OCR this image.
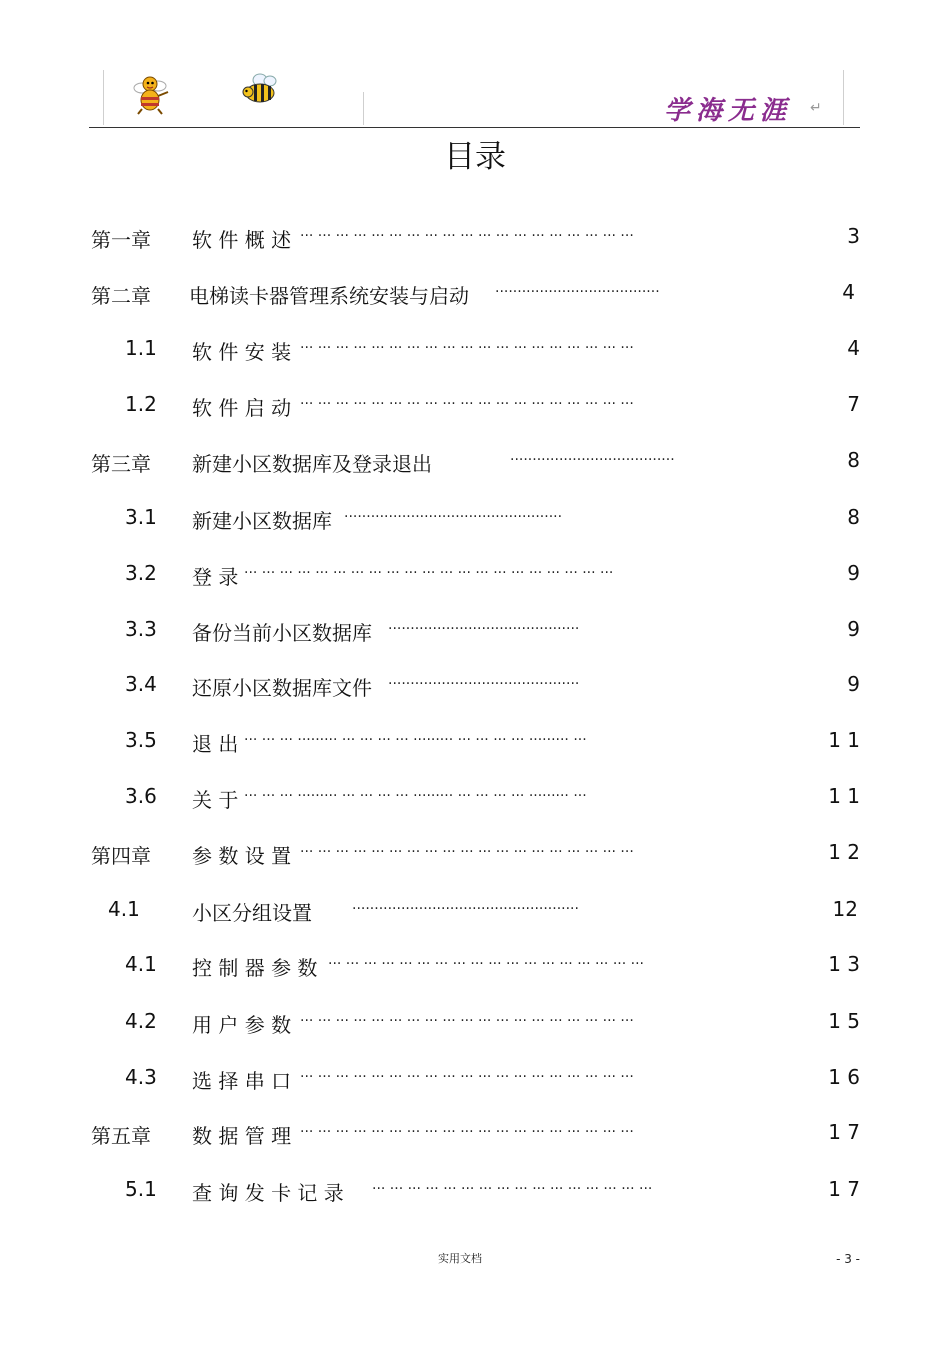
学海无涯 ↵
目录
第一章 软 件 概 述 ··· ··· ··· ··· ··· ··· ··· ··· ··· ··· ··· ··· ··· ··· ··· ··· ··· ··· ···	3
第二章 电梯读卡器管理系统安装与启动 ·····································	4
1.1 软 件 安 装 ··· ··· ··· ··· ··· ··· ··· ··· ··· ··· ··· ··· ··· ··· ··· ··· ··· ··· ···	4
1.2 软 件 启 动 ··· ··· ··· ··· ··· ··· ··· ··· ··· ··· ··· ··· ··· ··· ··· ··· ··· ··· ···	7
第三章 新建小区数据库及登录退出	·····································	8
3.1 新建小区数据库 ·················································	8
3.2 登 录 ··· ··· ··· ··· ··· ··· ··· ··· ··· ··· ··· ··· ··· ··· ··· ··· ··· ··· ··· ··· ···	9
3.3 备份当前小区数据库 ···········································	9
3.4 还原小区数据库文件 ···········································	9
3.5 退 出 ··· ··· ··· ········· ··· ··· ··· ··· ········· ··· ··· ··· ··· ········· ···	1 1
3.6 关 于 ··· ··· ··· ········· ··· ··· ··· ··· ········· ··· ··· ··· ··· ········· ···	1 1
第四章 参 数 设 置 ··· ··· ··· ··· ··· ··· ··· ··· ··· ··· ··· ··· ··· ··· ··· ··· ··· ··· ···	1 2
4.1	小区分组设置	···················································	12
4.1 控 制 器 参 数 ··· ··· ··· ··· ··· ··· ··· ··· ··· ··· ··· ··· ··· ··· ··· ··· ··· ···	1 3
4.2 用 户 参 数 ··· ··· ··· ··· ··· ··· ··· ··· ··· ··· ··· ··· ··· ··· ··· ··· ··· ··· ···	1 5
4.3 选 择 串 口 ··· ··· ··· ··· ··· ··· ··· ··· ··· ··· ··· ··· ··· ··· ··· ··· ··· ··· ···	1 6
第五章 数 据 管 理 ··· ··· ··· ··· ··· ··· ··· ··· ··· ··· ··· ··· ··· ··· ··· ··· ··· ··· ···	1 7
5.1 查 询 发 卡 记 录 ··· ··· ··· ··· ··· ··· ··· ··· ··· ··· ··· ··· ··· ··· ··· ···	1 7
实用文档	- 3 -
